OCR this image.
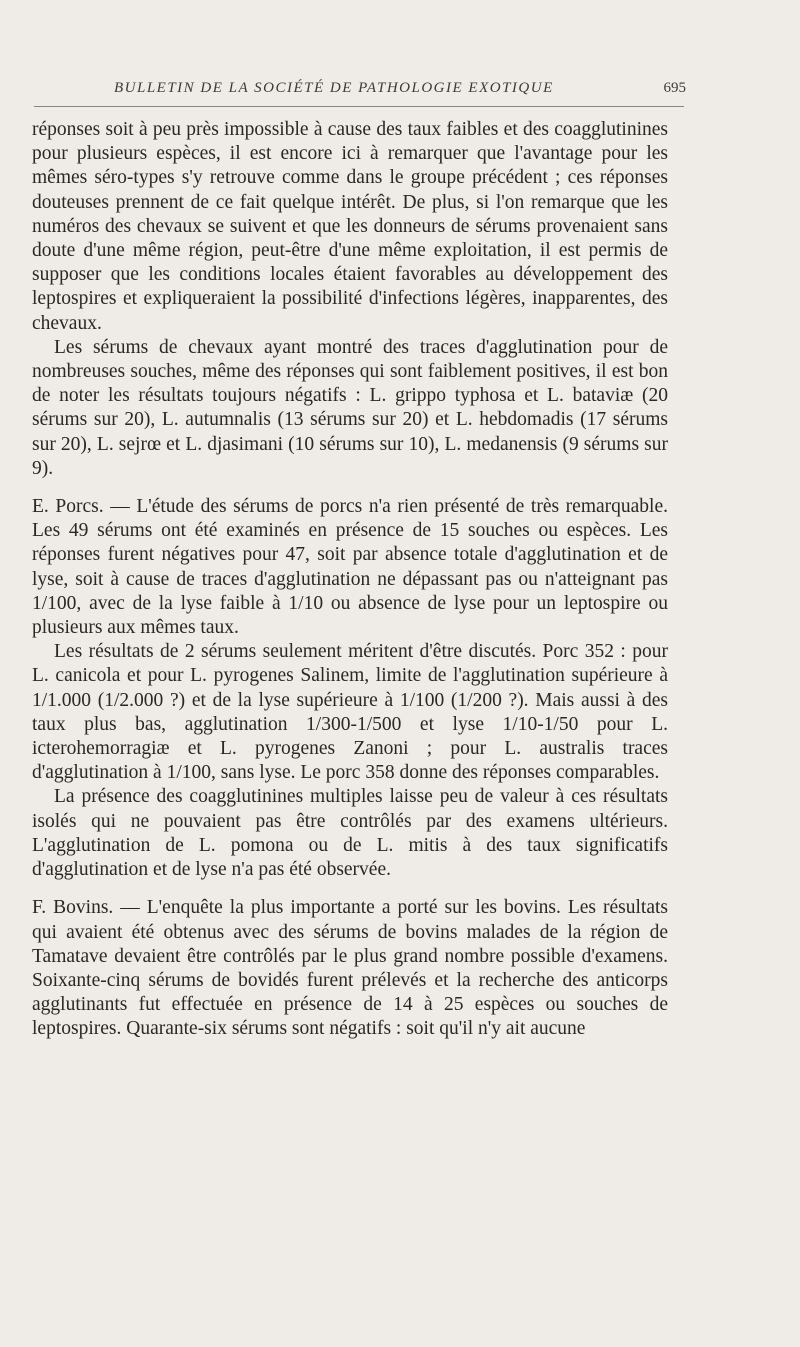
BULLETIN DE LA SOCIÉTÉ DE PATHOLOGIE EXOTIQUE	695

réponses soit à peu près impossible à cause des taux faibles et des coagglutinines pour plusieurs espèces, il est encore ici à remarquer que l'avantage pour les mêmes séro-types s'y retrouve comme dans le groupe précédent ; ces réponses douteuses prennent de ce fait quelque intérêt. De plus, si l'on remarque que les numéros des chevaux se suivent et que les donneurs de sérums provenaient sans doute d'une même région, peut-être d'une même exploitation, il est permis de supposer que les conditions locales étaient favorables au développement des leptospires et expliqueraient la possibilité d'infections légères, inapparentes, des chevaux.

Les sérums de chevaux ayant montré des traces d'agglutination pour de nombreuses souches, même des réponses qui sont faiblement positives, il est bon de noter les résultats toujours négatifs : L. grippo typhosa et L. bataviæ (20 sérums sur 20), L. autumnalis (13 sérums sur 20) et L. hebdomadis (17 sérums sur 20), L. sejrœ et L. djasimani (10 sérums sur 10), L. medanensis (9 sérums sur 9).

E. Porcs. — L'étude des sérums de porcs n'a rien présenté de très remarquable. Les 49 sérums ont été examinés en présence de 15 souches ou espèces. Les réponses furent négatives pour 47, soit par absence totale d'agglutination et de lyse, soit à cause de traces d'agglutination ne dépassant pas ou n'atteignant pas 1/100, avec de la lyse faible à 1/10 ou absence de lyse pour un leptospire ou plusieurs aux mêmes taux.

Les résultats de 2 sérums seulement méritent d'être discutés. Porc 352 : pour L. canicola et pour L. pyrogenes Salinem, limite de l'agglutination supérieure à 1/1.000 (1/2.000 ?) et de la lyse supérieure à 1/100 (1/200 ?). Mais aussi à des taux plus bas, agglutination 1/300-1/500 et lyse 1/10-1/50 pour L. icterohemorragiæ et L. pyrogenes Zanoni ; pour L. australis traces d'agglutination à 1/100, sans lyse. Le porc 358 donne des réponses comparables.

La présence des coagglutinines multiples laisse peu de valeur à ces résultats isolés qui ne pouvaient pas être contrôlés par des examens ultérieurs. L'agglutination de L. pomona ou de L. mitis à des taux significatifs d'agglutination et de lyse n'a pas été observée.

F. Bovins. — L'enquête la plus importante a porté sur les bovins. Les résultats qui avaient été obtenus avec des sérums de bovins malades de la région de Tamatave devaient être contrôlés par le plus grand nombre possible d'examens. Soixante-cinq sérums de bovidés furent prélevés et la recherche des anticorps agglutinants fut effectuée en présence de 14 à 25 espèces ou souches de leptospires. Quarante-six sérums sont négatifs : soit qu'il n'y ait aucune
